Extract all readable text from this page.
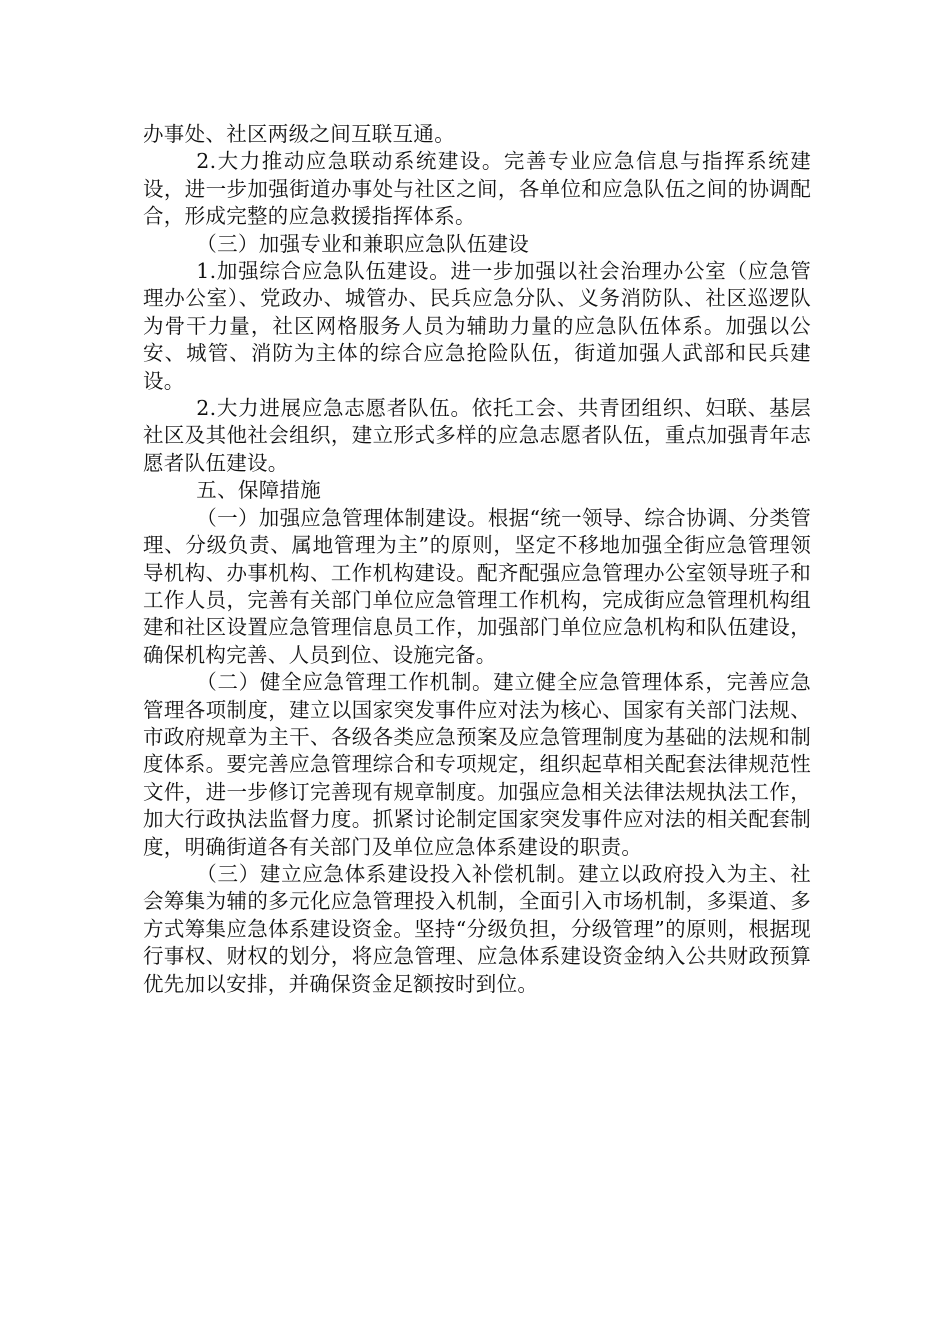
办事处、社区两级之间互联互通。

2.大力推动应急联动系统建设。完善专业应急信息与指挥系统建设，进一步加强街道办事处与社区之间，各单位和应急队伍之间的协调配合，形成完整的应急救援指挥体系。

（三）加强专业和兼职应急队伍建设

1.加强综合应急队伍建设。进一步加强以社会治理办公室（应急管理办公室）、党政办、城管办、民兵应急分队、义务消防队、社区巡逻队为骨干力量，社区网格服务人员为辅助力量的应急队伍体系。加强以公安、城管、消防为主体的综合应急抢险队伍，街道加强人武部和民兵建设。

2.大力进展应急志愿者队伍。依托工会、共青团组织、妇联、基层社区及其他社会组织，建立形式多样的应急志愿者队伍，重点加强青年志愿者队伍建设。

五、保障措施

（一）加强应急管理体制建设。根据“统一领导、综合协调、分类管理、分级负责、属地管理为主”的原则，坚定不移地加强全街应急管理领导机构、办事机构、工作机构建设。配齐配强应急管理办公室领导班子和工作人员，完善有关部门单位应急管理工作机构，完成街应急管理机构组建和社区设置应急管理信息员工作，加强部门单位应急机构和队伍建设，确保机构完善、人员到位、设施完备。

（二）健全应急管理工作机制。建立健全应急管理体系，完善应急管理各项制度，建立以国家突发事件应对法为核心、国家有关部门法规、市政府规章为主干、各级各类应急预案及应急管理制度为基础的法规和制度体系。要完善应急管理综合和专项规定，组织起草相关配套法律规范性文件，进一步修订完善现有规章制度。加强应急相关法律法规执法工作，加大行政执法监督力度。抓紧讨论制定国家突发事件应对法的相关配套制度，明确街道各有关部门及单位应急体系建设的职责。

（三）建立应急体系建设投入补偿机制。建立以政府投入为主、社会筹集为辅的多元化应急管理投入机制，全面引入市场机制，多渠道、多方式筹集应急体系建设资金。坚持“分级负担，分级管理”的原则，根据现行事权、财权的划分，将应急管理、应急体系建设资金纳入公共财政预算优先加以安排，并确保资金足额按时到位。
